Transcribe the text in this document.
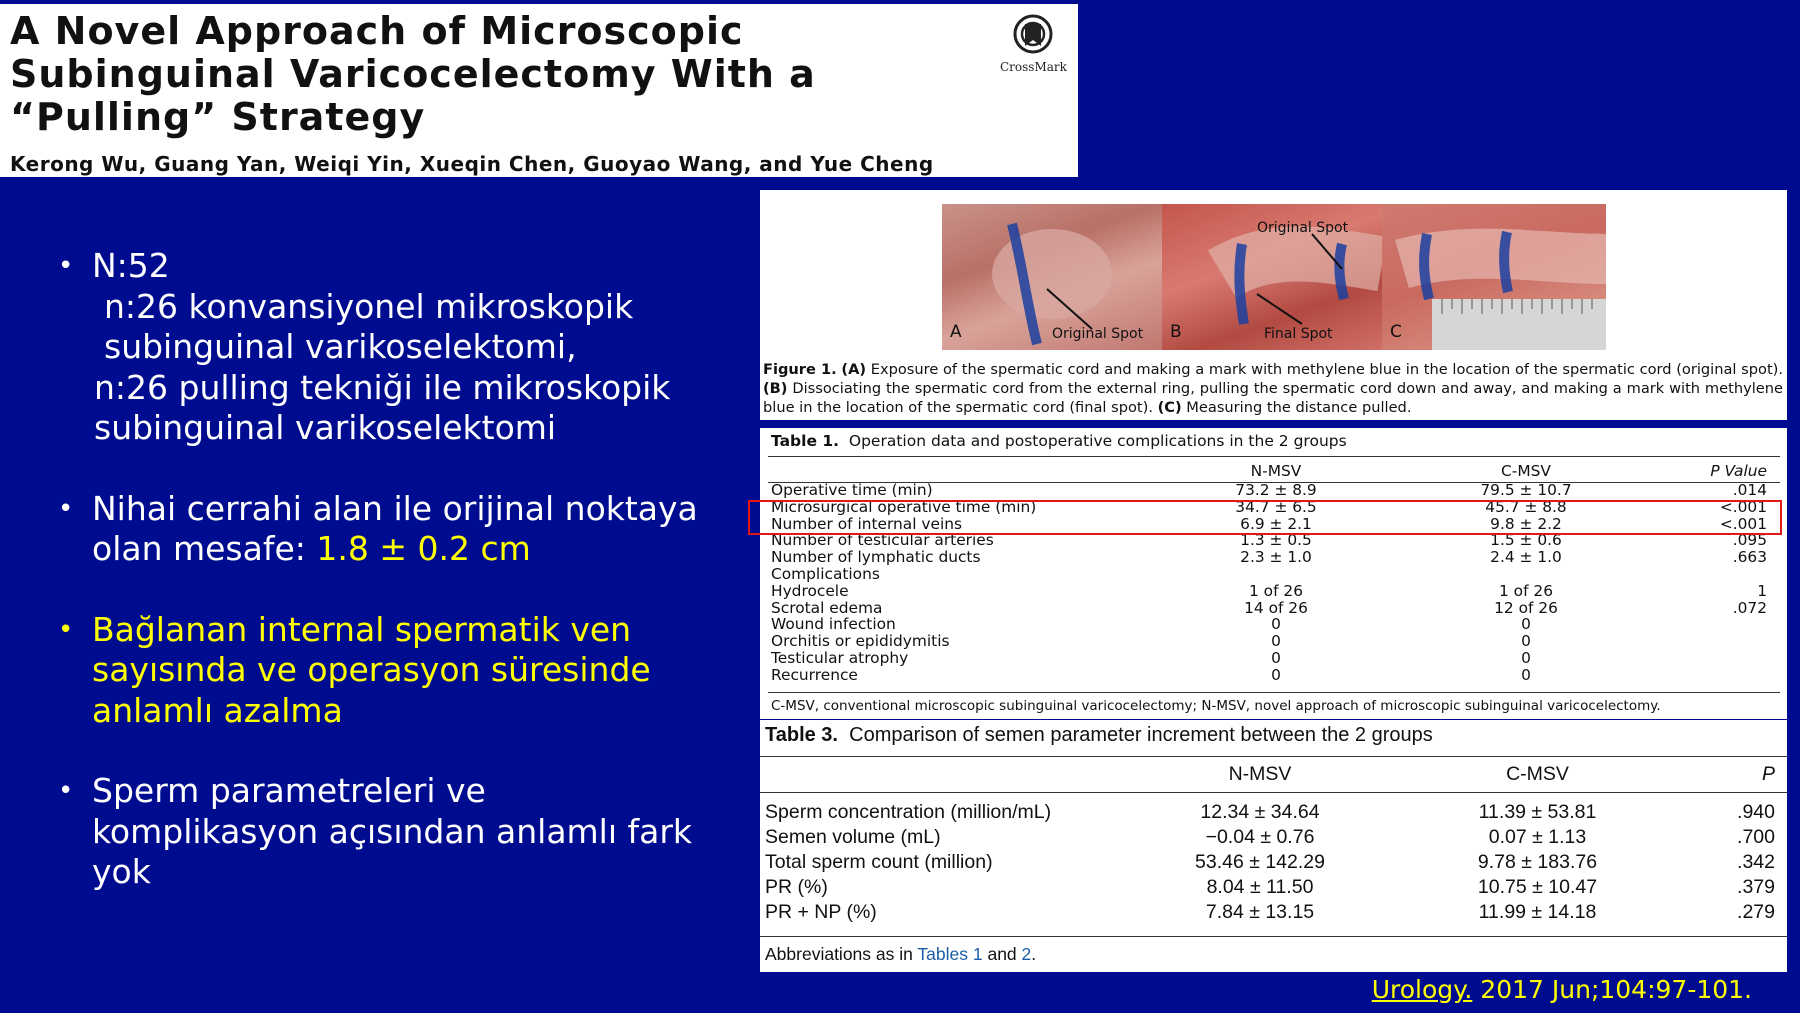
A Novel Approach of Microscopic
Subinguinal Varicocelectomy With a
“Pulling” Strategy
Kerong Wu, Guang Yan, Weiqi Yin, Xueqin Chen, Guoyao Wang, and Yue Cheng
CrossMark
• N:52
n:26 konvansiyonel mikroskopik subinguinal varikoselektomi,
n:26 pulling tekniği ile mikroskopik subinguinal varikoselektomi
• Nihai cerrahi alan ile orijinal noktaya olan mesafe: 1.8 ± 0.2 cm
• Bağlanan internal spermatik ven sayısında ve operasyon süresinde anlamlı azalma
• Sperm parametreleri ve komplikasyon açısından anlamlı fark yok
A	Original Spot B
Original Spot
Final Spot	C
Figure 1. (A) Exposure of the spermatic cord and making a mark with methylene blue in the location of the spermatic cord (original spot). (B) Dissociating the spermatic cord from the external ring, pulling the spermatic cord down and away, and making a mark with methylene blue in the location of the spermatic cord (final spot). (C) Measuring the distance pulled.
Table 1. Operation data and postoperative complications in the 2 groups
	N-MSV	C-MSV	P Value
Operative time (min)	73.2 ± 8.9	79.5 ± 10.7	.014
Microsurgical operative time (min)	34.7 ± 6.5	45.7 ± 8.8	<.001
Number of internal veins	6.9 ± 2.1	9.8 ± 2.2	<.001
Number of testicular arteries	1.3 ± 0.5	1.5 ± 0.6	.095
Number of lymphatic ducts	2.3 ± 1.0	2.4 ± 1.0	.663
Complications			
Hydrocele	1 of 26	1 of 26	1
Scrotal edema	14 of 26	12 of 26	.072
Wound infection	0	0	
Orchitis or epididymitis	0	0	
Testicular atrophy	0	0	
Recurrence	0	0	
C-MSV, conventional microscopic subinguinal varicocelectomy; N-MSV, novel approach of microscopic subinguinal varicocelectomy.
Table 3. Comparison of semen parameter increment between the 2 groups
	N-MSV	C-MSV	P
Sperm concentration (million/mL)	12.34 ± 34.64	11.39 ± 53.81	.940
Semen volume (mL)	−0.04 ± 0.76	0.07 ± 1.13	.700
Total sperm count (million)	53.46 ± 142.29	9.78 ± 183.76	.342
PR (%)	8.04 ± 11.50	10.75 ± 10.47	.379
PR + NP (%)	7.84 ± 13.15	11.99 ± 14.18	.279
Abbreviations as in Tables 1 and 2.
Urology. 2017 Jun;104:97-101.
